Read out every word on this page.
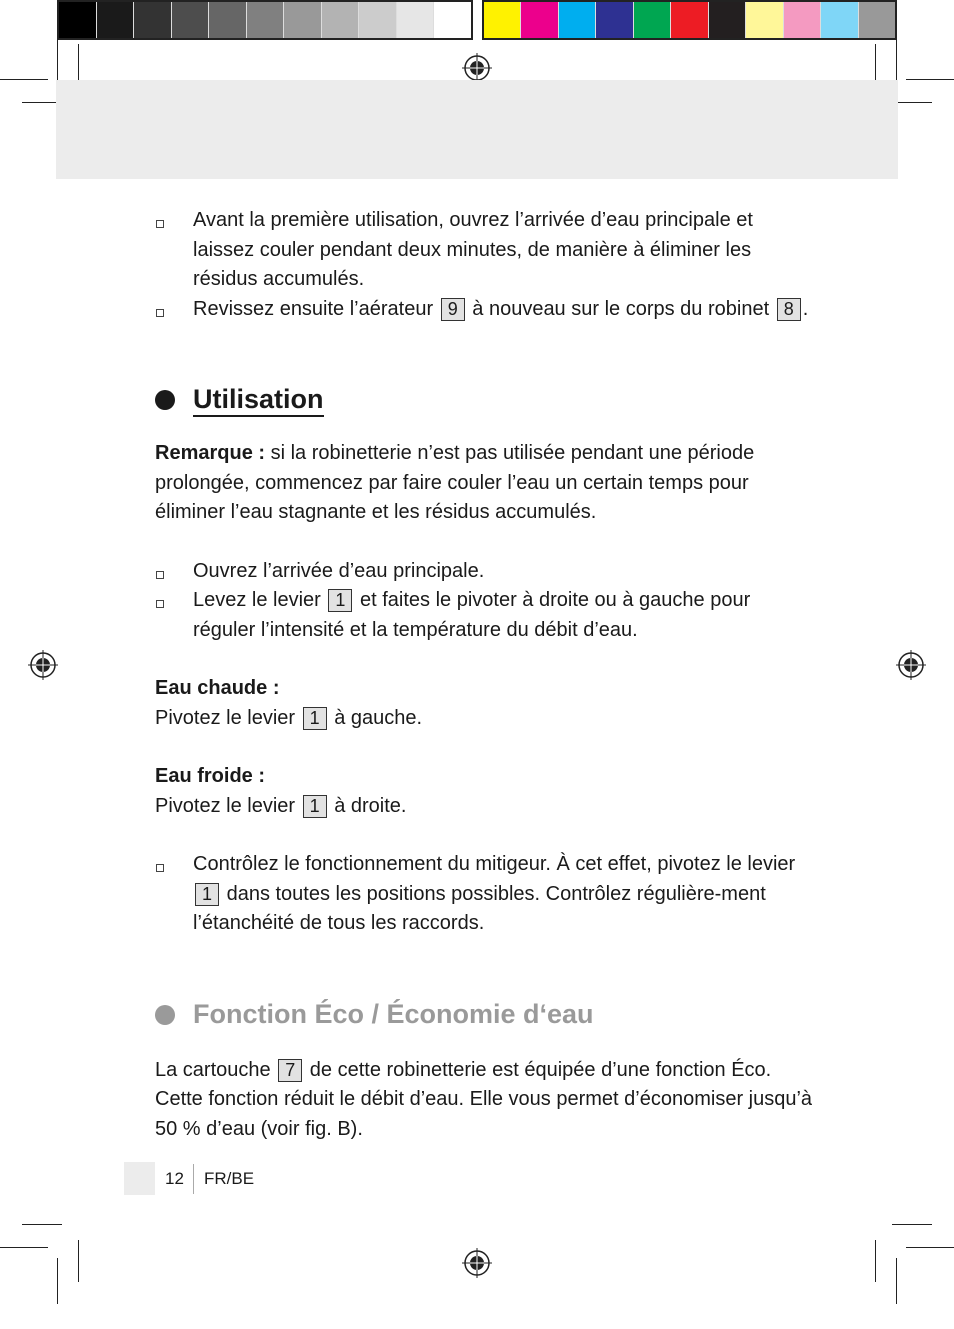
Avant la première utilisation, ouvrez l’arrivée d’eau principale et laissez couler pendant deux minutes, de manière à éliminer les résidus accumulés.
Revissez ensuite l’aérateur 9 à nouveau sur le corps du robinet 8 .
Utilisation
Remarque : si la robinetterie n’est pas utilisée pendant une période prolongée, commencez par faire couler l’eau un certain temps pour éliminer l’eau stagnante et les résidus accumulés.
Ouvrez l’arrivée d’eau principale.
Levez le levier 1 et faites le pivoter à droite ou à gauche pour réguler l’intensité et la température du débit d’eau.
Eau chaude :
Pivotez le levier 1 à gauche.
Eau froide :
Pivotez le levier 1 à droite.
Contrôlez le fonctionnement du mitigeur. À cet effet, pivotez le levier 1 dans toutes les positions possibles. Contrôlez régulière-ment l’étanchéité de tous les raccords.
Fonction Éco / Économie d‘eau
La cartouche 7 de cette robinetterie est équipée d’une fonction Éco. Cette fonction réduit le débit d’eau. Elle vous permet d’économiser jusqu’à 50 % d’eau (voir fig. B).
12 FR/BE
